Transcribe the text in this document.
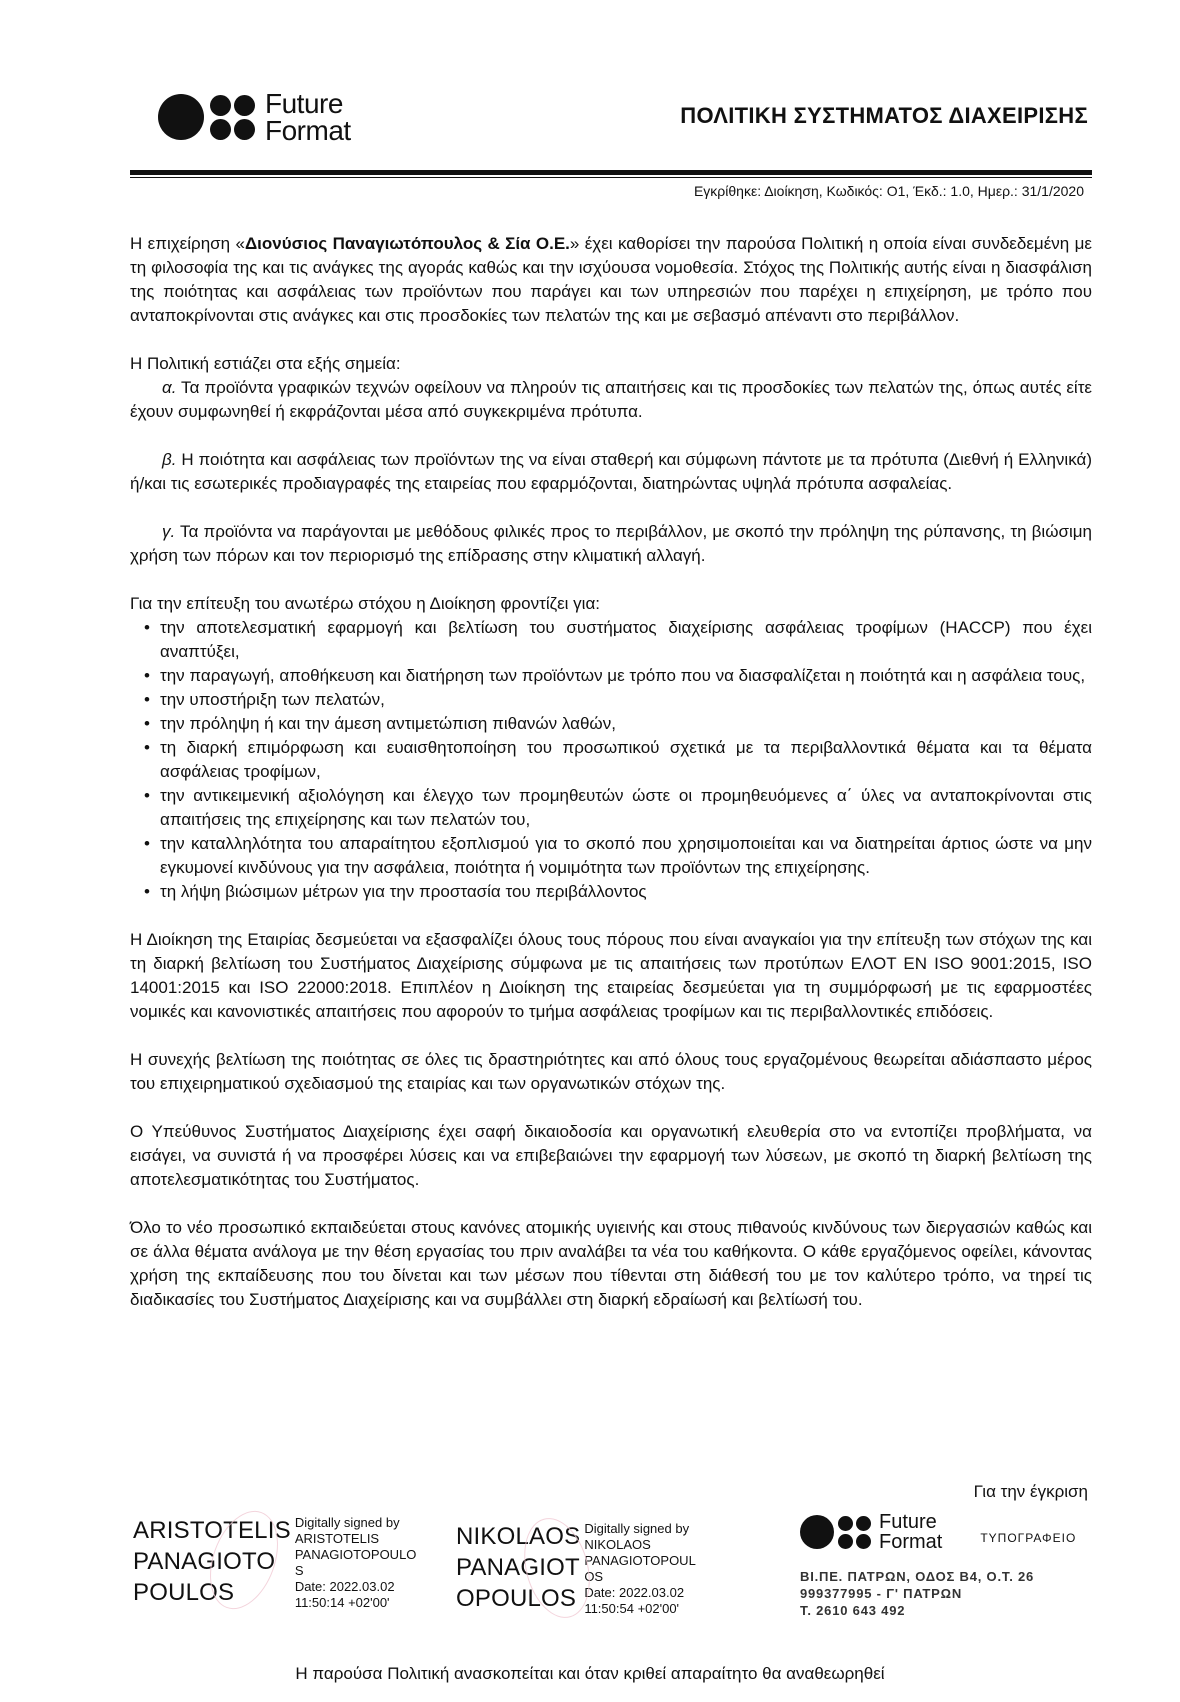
Future
Format	ΠΟΛΙΤΙΚΗ ΣΥΣΤΗΜΑΤΟΣ ΔΙΑΧΕΙΡΙΣΗΣ
Εγκρίθηκε: Διοίκηση, Κωδικός: Ο1, Έκδ.: 1.0, Ημερ.: 31/1/2020

Η επιχείρηση «Διονύσιος Παναγιωτόπουλος & Σία Ο.Ε.» έχει καθορίσει την παρούσα Πολιτική η οποία είναι συνδεδεμένη με τη φιλοσοφία της και τις ανάγκες της αγοράς καθώς και την ισχύουσα νομοθεσία. Στόχος της Πολιτικής αυτής είναι η διασφάλιση της ποιότητας και ασφάλειας των προϊόντων που παράγει και των υπηρεσιών που παρέχει η επιχείρηση, με τρόπο που ανταποκρίνονται στις ανάγκες και στις προσδοκίες των πελατών της και με σεβασμό απέναντι στο περιβάλλον.

Η Πολιτική εστιάζει στα εξής σημεία:

α. Τα προϊόντα γραφικών τεχνών οφείλουν να πληρούν τις απαιτήσεις και τις προσδοκίες των πελατών της, όπως αυτές είτε έχουν συμφωνηθεί ή εκφράζονται μέσα από συγκεκριμένα πρότυπα.

β. Η ποιότητα και ασφάλειας των προϊόντων της να είναι σταθερή και σύμφωνη πάντοτε με τα πρότυπα (Διεθνή ή Ελληνικά) ή/και τις εσωτερικές προδιαγραφές της εταιρείας που εφαρμόζονται, διατηρώντας υψηλά πρότυπα ασφαλείας.

γ. Τα προϊόντα να παράγονται με μεθόδους φιλικές προς το περιβάλλον, με σκοπό την πρόληψη της ρύπανσης, τη βιώσιμη χρήση των πόρων και τον περιορισμό της επίδρασης στην κλιματική αλλαγή.

Για την επίτευξη του ανωτέρω στόχου η Διοίκηση φροντίζει για:

• την αποτελεσματική εφαρμογή και βελτίωση του συστήματος διαχείρισης ασφάλειας τροφίμων (HACCP) που έχει αναπτύξει,
• την παραγωγή, αποθήκευση και διατήρηση των προϊόντων με τρόπο που να διασφαλίζεται η ποιότητά και η ασφάλεια τους,
• την υποστήριξη των πελατών,
• την πρόληψη ή και την άμεση αντιμετώπιση πιθανών λαθών,
• τη διαρκή επιμόρφωση και ευαισθητοποίηση του προσωπικού σχετικά με τα περιβαλλοντικά θέματα και τα θέματα ασφάλειας τροφίμων,
• την αντικειμενική αξιολόγηση και έλεγχο των προμηθευτών ώστε οι προμηθευόμενες α΄ ύλες να ανταποκρίνονται στις απαιτήσεις της επιχείρησης και των πελατών του,
• την καταλληλότητα του απαραίτητου εξοπλισμού για το σκοπό που χρησιμοποιείται και να διατηρείται άρτιος ώστε να μην εγκυμονεί κινδύνους για την ασφάλεια, ποιότητα ή νομιμότητα των προϊόντων της επιχείρησης.
• τη λήψη βιώσιμων μέτρων για την προστασία του περιβάλλοντος

Η Διοίκηση της Εταιρίας δεσμεύεται να εξασφαλίζει όλους τους πόρους που είναι αναγκαίοι για την επίτευξη των στόχων της και τη διαρκή βελτίωση του Συστήματος Διαχείρισης σύμφωνα με τις απαιτήσεις των προτύπων ΕΛΟΤ EN ISO 9001:2015, ISO 14001:2015 και ISO 22000:2018. Επιπλέον η Διοίκηση της εταιρείας δεσμεύεται για τη συμμόρφωσή με τις εφαρμοστέες νομικές και κανονιστικές απαιτήσεις που αφορούν το τμήμα ασφάλειας τροφίμων και τις περιβαλλοντικές επιδόσεις.

Η συνεχής βελτίωση της ποιότητας σε όλες τις δραστηριότητες και από όλους τους εργαζομένους θεωρείται αδιάσπαστο μέρος του επιχειρηματικού σχεδιασμού της εταιρίας και των οργανωτικών στόχων της.

Ο Υπεύθυνος Συστήματος Διαχείρισης έχει σαφή δικαιοδοσία και οργανωτική ελευθερία στο να εντοπίζει προβλήματα, να εισάγει, να συνιστά ή να προσφέρει λύσεις και να επιβεβαιώνει την εφαρμογή των λύσεων, με σκοπό τη διαρκή βελτίωση της αποτελεσματικότητας του Συστήματος.

Όλο το νέο προσωπικό εκπαιδεύεται στους κανόνες ατομικής υγιεινής και στους πιθανούς κινδύνους των διεργασιών καθώς και σε άλλα θέματα ανάλογα με την θέση εργασίας του πριν αναλάβει τα νέα του καθήκοντα. Ο κάθε εργαζόμενος οφείλει, κάνοντας χρήση της εκπαίδευσης που του δίνεται και των μέσων που τίθενται στη διάθεσή του με τον καλύτερο τρόπο, να τηρεί τις διαδικασίες του Συστήματος Διαχείρισης και να συμβάλλει στη διαρκή εδραίωσή και βελτίωσή του.

Για την έγκριση
ARISTOTELIS
PANAGIOTO
POULOS
Digitally signed by
ARISTOTELIS
PANAGIOTOPOULO
S
Date: 2022.03.02
11:50:14 +02'00'
NIKOLAOS
PANAGIOT
OPOULOS
Digitally signed by
NIKOLAOS
PANAGIOTOPOUL
OS
Date: 2022.03.02
11:50:54 +02'00'
Future
Format	ΤΥΠΟΓΡΑΦΕΙΟ
ΒΙ.ΠΕ. ΠΑΤΡΩΝ, ΟΔΟΣ Β4, Ο.Τ. 26
999377995 - Γ' ΠΑΤΡΩΝ
Τ. 2610 643 492
Η παρούσα Πολιτική ανασκοπείται και όταν κριθεί απαραίτητο θα αναθεωρηθεί
